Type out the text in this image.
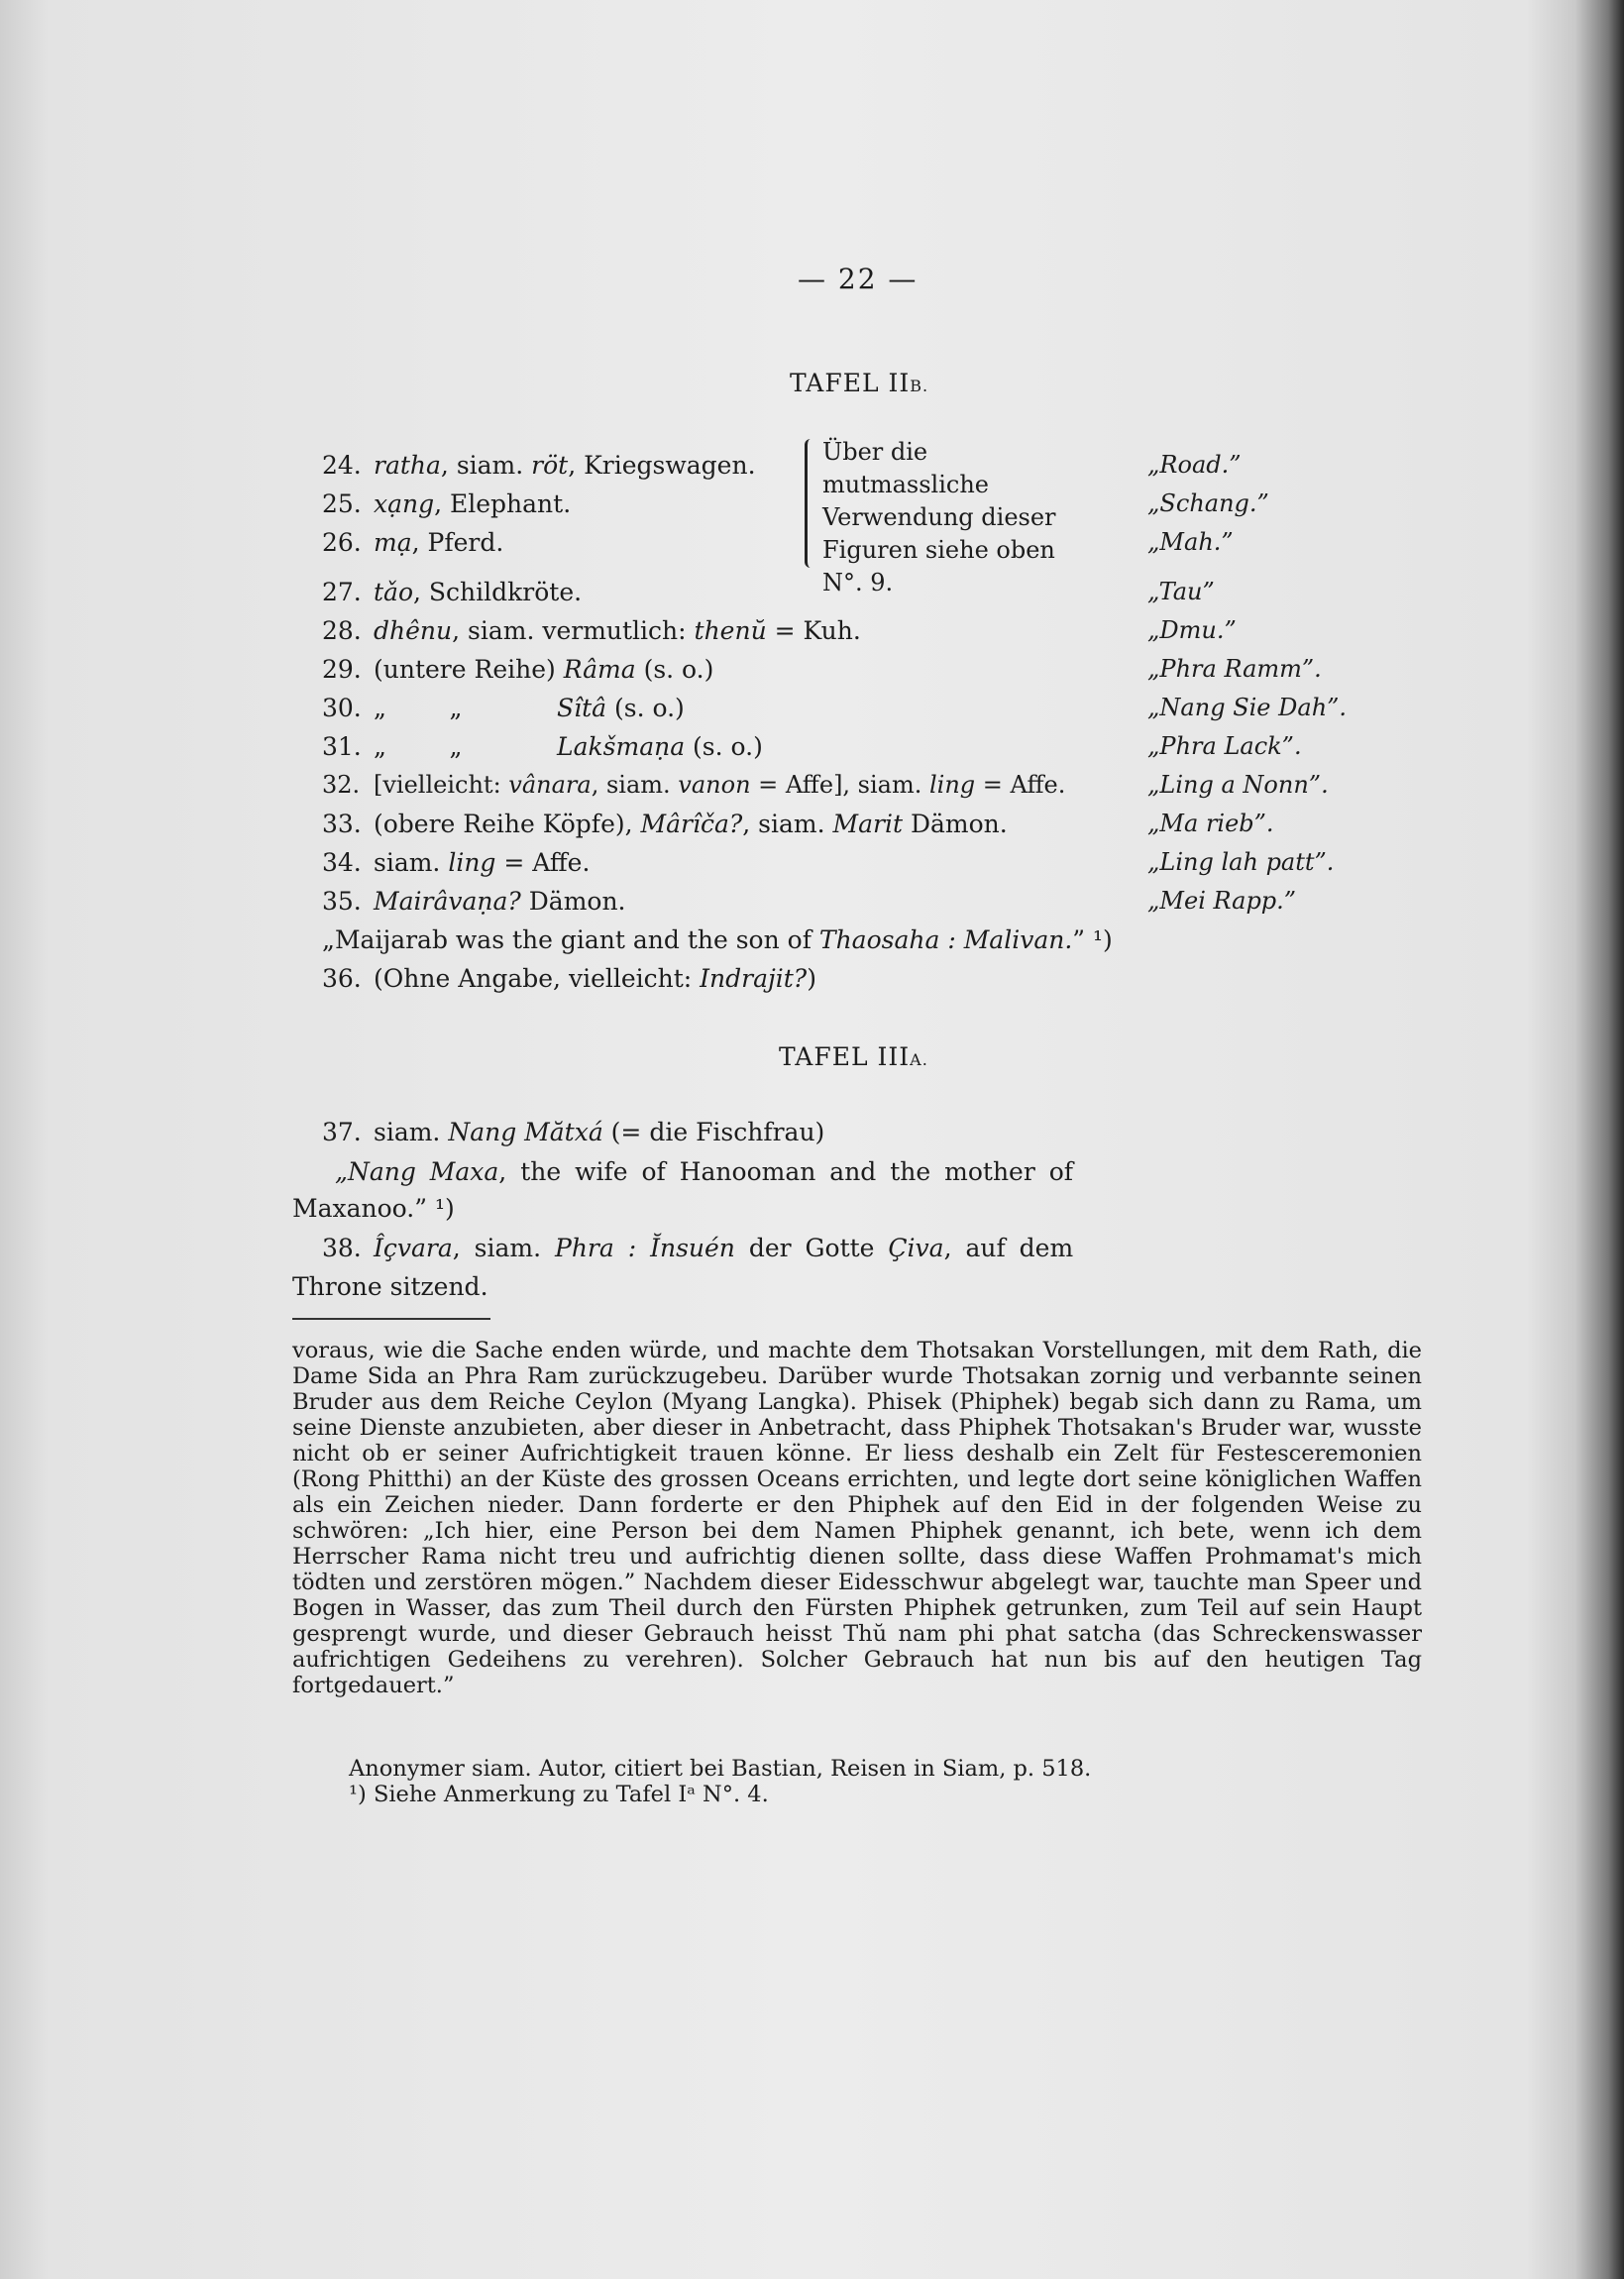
— 22 —
TAFEL IIB.
24. ratha, siam. röt, Kriegswagen.
25. xạng, Elephant.
26. mạ, Pferd.
Über die mutmassliche Verwendung dieser Figuren siehe oben N°. 9.
27. tǎo, Schildkröte.
28. dhênu, siam. vermutlich: thenŭ = Kuh.
29. (untere Reihe) Râma (s. o.)
30. „        „	Sîtâ (s. o.)
31. „        „	Lakšmaṇa (s. o.)
32. [vielleicht: vânara, siam. vanon = Affe], siam. ling = Affe.
33. (obere Reihe Köpfe), Mârîča?, siam. Marit Dämon.
34. siam. ling = Affe.
35. Mairâvaṇa? Dämon.
„Maijarab was the giant and the son of Thaosaha : Malivan.” ¹)
36. (Ohne Angabe, vielleicht: Indrajit?)
„Road.”
„Schang.”
„Mah.”
„Tau”
„Dmu.”
„Phra Ramm”.
„Nang Sie Dah”.
„Phra Lack”.
„Ling a Nonn”.
„Ma rieb”.
„Ling lah patt”.
„Mei Rapp.”
TAFEL IIIA.
37. siam. Nang Mătxá (= die Fischfrau)
„Nang Maxa, the wife of Hanooman and the mother of
Maxanoo.” ¹)
38. Îçvara, siam. Phra : Ĭnsuén der Gotte Çiva, auf dem
Throne sitzend.
voraus, wie die Sache enden würde, und machte dem Thotsakan Vorstellungen, mit dem Rath, die Dame Sida an Phra Ram zurückzugebeu. Darüber wurde Thotsakan zornig und verbannte seinen Bruder aus dem Reiche Ceylon (Myang Langka). Phisek (Phiphek) begab sich dann zu Rama, um seine Dienste anzubieten, aber dieser in Anbetracht, dass Phiphek Thotsakan's Bruder war, wusste nicht ob er seiner Aufrichtigkeit trauen könne. Er liess deshalb ein Zelt für Festesceremonien (Rong Phitthi) an der Küste des grossen Oceans errichten, und legte dort seine königlichen Waffen als ein Zeichen nieder. Dann forderte er den Phiphek auf den Eid in der folgenden Weise zu schwören: „Ich hier, eine Person bei dem Namen Phiphek genannt, ich bete, wenn ich dem Herrscher Rama nicht treu und aufrichtig dienen sollte, dass diese Waffen Prohmamat's mich tödten und zerstören mögen.” Nachdem dieser Eidesschwur abgelegt war, tauchte man Speer und Bogen in Wasser, das zum Theil durch den Fürsten Phiphek getrunken, zum Teil auf sein Haupt gesprengt wurde, und dieser Gebrauch heisst Thŭ nam phi phat satcha (das Schreckenswasser aufrichtigen Gedeihens zu verehren). Solcher Gebrauch hat nun bis auf den heutigen Tag fortgedauert.”
Anonymer siam. Autor, citiert bei Bastian, Reisen in Siam, p. 518.
¹) Siehe Anmerkung zu Tafel Iᵃ N°. 4.
